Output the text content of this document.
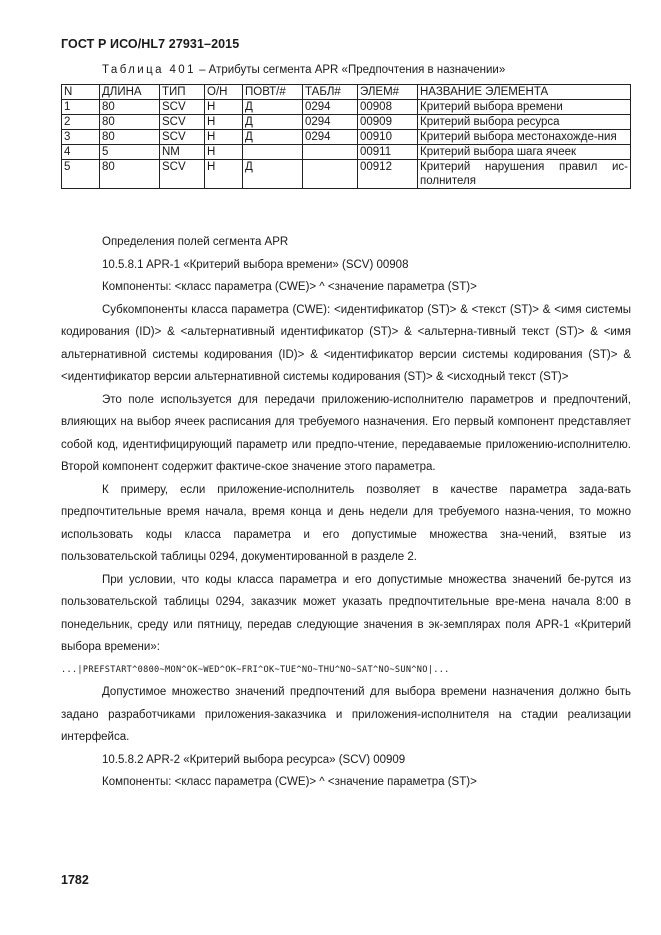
ГОСТ Р ИСО/HL7 27931–2015
Таблица 401 – Атрибуты сегмента APR «Предпочтения в назначении»
N	ДЛИНА	ТИП	О/Н	ПОВТ/#	ТАБЛ#	ЭЛЕМ#	НАЗВАНИЕ ЭЛЕМЕНТА
1	80	SCV	Н	Д	0294	00908	Критерий выбора времени
2	80	SCV	Н	Д	0294	00909	Критерий выбора ресурса
3	80	SCV	Н	Д	0294	00910	Критерий выбора местонахожде-ния
4	5	NM	Н			00911	Критерий выбора шага ячеек
5	80	SCV	Н	Д		00912	Критерий нарушения правил ис-полнителя

Определения полей сегмента APR

10.5.8.1 APR-1 «Критерий выбора времени» (SCV) 00908

Компоненты: <класс параметра (CWE)> ^ <значение параметра (ST)>

Субкомпоненты класса параметра (CWE): <идентификатор (ST)> & <текст (ST)> & <имя системы кодирования (ID)> & <альтернативный идентификатор (ST)> & <альтерна-тивный текст (ST)> & <имя альтернативной системы кодирования (ID)> & <идентификатор версии системы кодирования (ST)> & <идентификатор версии альтернативной системы кодирования (ST)> & <исходный текст (ST)>

Это поле используется для передачи приложению-исполнителю параметров и предпочтений, влияющих на выбор ячеек расписания для требуемого назначения. Его первый компонент представляет собой код, идентифицирующий параметр или предпо-чтение, передаваемые приложению-исполнителю. Второй компонент содержит фактиче-ское значение этого параметра.

К примеру, если приложение-исполнитель позволяет в качестве параметра зада-вать предпочтительные время начала, время конца и день недели для требуемого назна-чения, то можно использовать коды класса параметра и его допустимые множества зна-чений, взятые из пользовательской таблицы 0294, документированной в разделе 2.

При условии, что коды класса параметра и его допустимые множества значений бе-рутся из пользовательской таблицы 0294, заказчик может указать предпочтительные вре-мена начала 8:00 в понедельник, среду или пятницу, передав следующие значения в эк-земплярах поля APR-1 «Критерий выбора времени»:

...|PREFSTART^0800~MON^OK~WED^OK~FRI^OK~TUE^NO~THU^NO~SAT^NO~SUN^NO|...

Допустимое множество значений предпочтений для выбора времени назначения должно быть задано разработчиками приложения-заказчика и приложения-исполнителя на стадии реализации интерфейса.

10.5.8.2 APR-2 «Критерий выбора ресурса» (SCV) 00909

Компоненты: <класс параметра (CWE)> ^ <значение параметра (ST)>

1782
